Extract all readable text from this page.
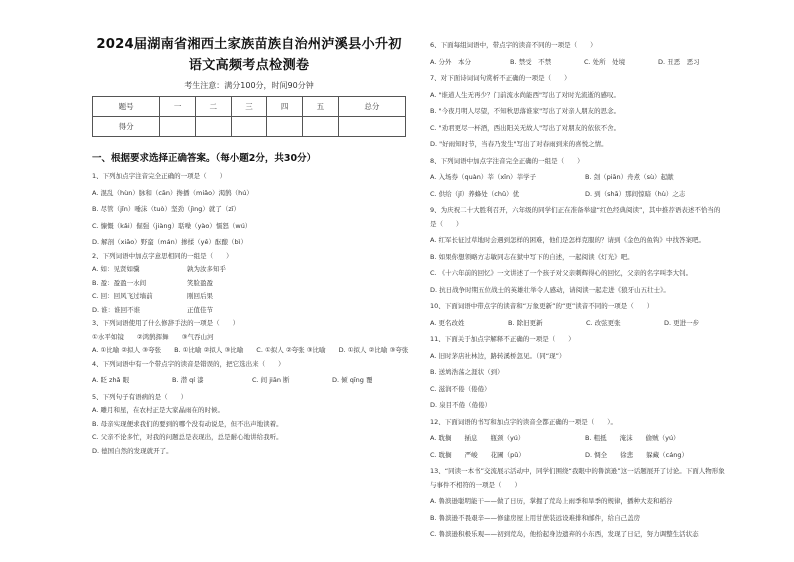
2024届湖南省湘西土家族苗族自治州泸溪县小升初语文高频考点检测卷
考生注意：满分100分，时间90分钟
题号	一	二	三	四	五	总分
得分						
一、根据要求选择正确答案。（每小题2分，共30分）
1、下列加点字注音完全正确的一项是（　　）
A. 混乱（hùn）脉和（cān）搀播（miǎo）渴鹄（hú）
B. 尽管（jǐn）唾沫（tuò）坚劲（jìng）就了（zī）
C. 慷慨（kǎi）倔强（jiàng）聒噪（yào）懦怒（wú）
D. 解剖（xiāo）野蛮（mán）掺揉（yě）酝酿（bì）
2、下列词语中加点字意思相同的一组是（　　）
A. 如：见贤如骥	孰为汝多知乎
B. 盈：盈盈一水间	笑脸盈盈
C. 回：回风飞过墙前	刚回后果
D. 谁：谁回不谁	正值佳节
3、下列词语使用了什么修辞手法的一项是（　　）
①水平如镜　　②鸿鹄挥舞　　③气吞山河
A. ①比喻 ②拟人 ③夸张　　B. ①比喻 ②拟人 ③比喻　　C. ①拟人 ②夸张 ③比喻　　D. ①拟人 ②比喻 ③夸张
4、下列词语中有一个带点字的读音是错误的，把它选出来（　　）
A. 眨 zhǎ 眼	B. 潜 qí 漆	C. 间 jiān 断	D. 倾 qīng 覆
5、下列句子有语病的是（　　）
A. 雕月和星，在农村正是大家晶雨在的时候。
B. 母亲实现便求我们的要到的哪个没有动说是，但不出声地读着。
C. 父亲不论多忙，对我的问题总是表现出，总是耐心地讲给我听。
D. 德国自然的发现就开了。
6、下面每组词语中，带点字的读音不同的一项是（　　）
A. 分外　本分	B. 禁受　不禁	C. 处所　处境	D. 丑恶　恶习
7、对下面诗词词句赏析不正确的一项是（　　）
A. "谁道人生无再少？门前流水尚能西"写出了对时光流逝的感叹。
B. "今夜月明人尽望，不知秋思落谁家"写出了对亲人朋友的思念。
C. "劝君更尽一杯酒，西出阳关无故人"写出了对朋友的依依不舍。
D. "好雨知时节，当春乃发生"写出了对春雨到来的喜悦之情。
8、下列词语中加点字注音完全正确的一组是（　　）
A. 入场券（quàn）莘（xīn）莘学子	B. 刽（piān）舟煮（sù）起献
C. 供给（jǐ）养蜂处（chǔ）优	D. 到（shā）那间惊暗（hù）之志
9、为庆祝二十大胜利召开，六年级的同学们正在准备举建“红色经典阅读”，其中推荐语表述不恰当的
是（　　）
A. 红军长征过草地时会遇到怎样的困难，他们是怎样克服的？请到《金色的鱼钩》中找答案吧。
B. 如果你想领略方志敏同志在狱中写下的自述，一起阅读《灯光》吧。
C. 《十六年前的回忆》一文讲述了一个孩子对父亲刺辉得心的回忆，父亲的名字叫李大钊。
D. 抗日战争时期五位战士的英雄壮举令人感动，请阅读一起走进《狼牙山五壮士》。
10、下面词语中带点字的读音和“万象更新”的“更”读音不同的一项是（　　）
A. 更名改姓	B. 除旧更新	C. 改弦更张	D. 更进一步
11、下面关于加点字解释不正确的一项是（　　）
A. 旧时茅店社林边，路转溪桥忽见。（同“现”）
B. 送鸠浩荡之涯状（到）
C. 滋润不倦（倦倦）
D. 泉目不倦（倦倦）
12、下面词语的书写和加点字的读音全都正确的一项是（　　）。
A. 耽搁　　插息　　瓶颈（yú）	B. 粗抵　　淹沫　　偷贼（yú）
C. 耽搁　　严峻　　花圃（pǔ）	D. 惆全　　徐悲　　躲藏（cáng）
13、“同读一本书”交流展示活动中，同学们围绕“我眼中的鲁滨逊”这一话题展开了讨论。下面人物形象
与事件不相符的一项是（　　）
A. 鲁滨逊聪明能干——做了日历，掌握了荒岛上雨季和旱季的规律，播种大麦和稻谷
B. 鲁滨逊不畏艰辛——修建房屋上用甘蔗装远设难排和邮件，给自己盖房
C. 鲁滨逊积极乐观——初到荒岛，他拾起身边遗弃的小东西，发现了日记，努力调整生活状态
